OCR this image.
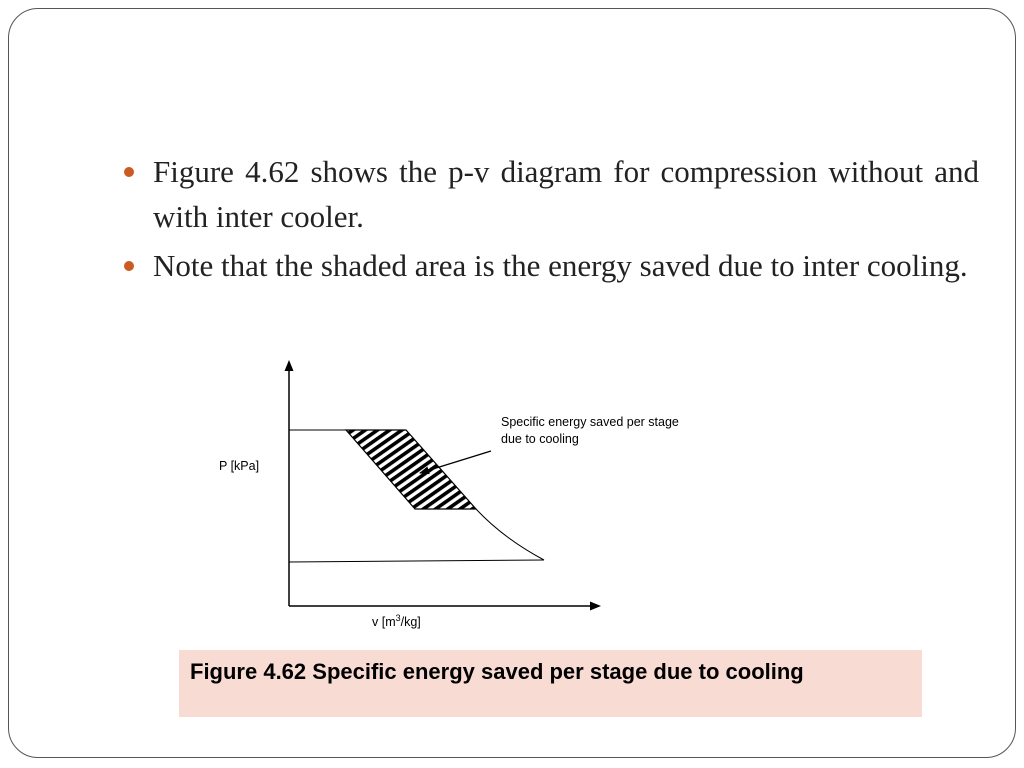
Figure 4.62 shows the p-v diagram for compression without and with inter cooler.
Note that the shaded area is the energy saved due to inter cooling.
P [kPa]
v $[m^3/kg]$
Specific energy saved per stage
due to cooling
Figure 4.62 Specific energy saved per stage due to cooling
